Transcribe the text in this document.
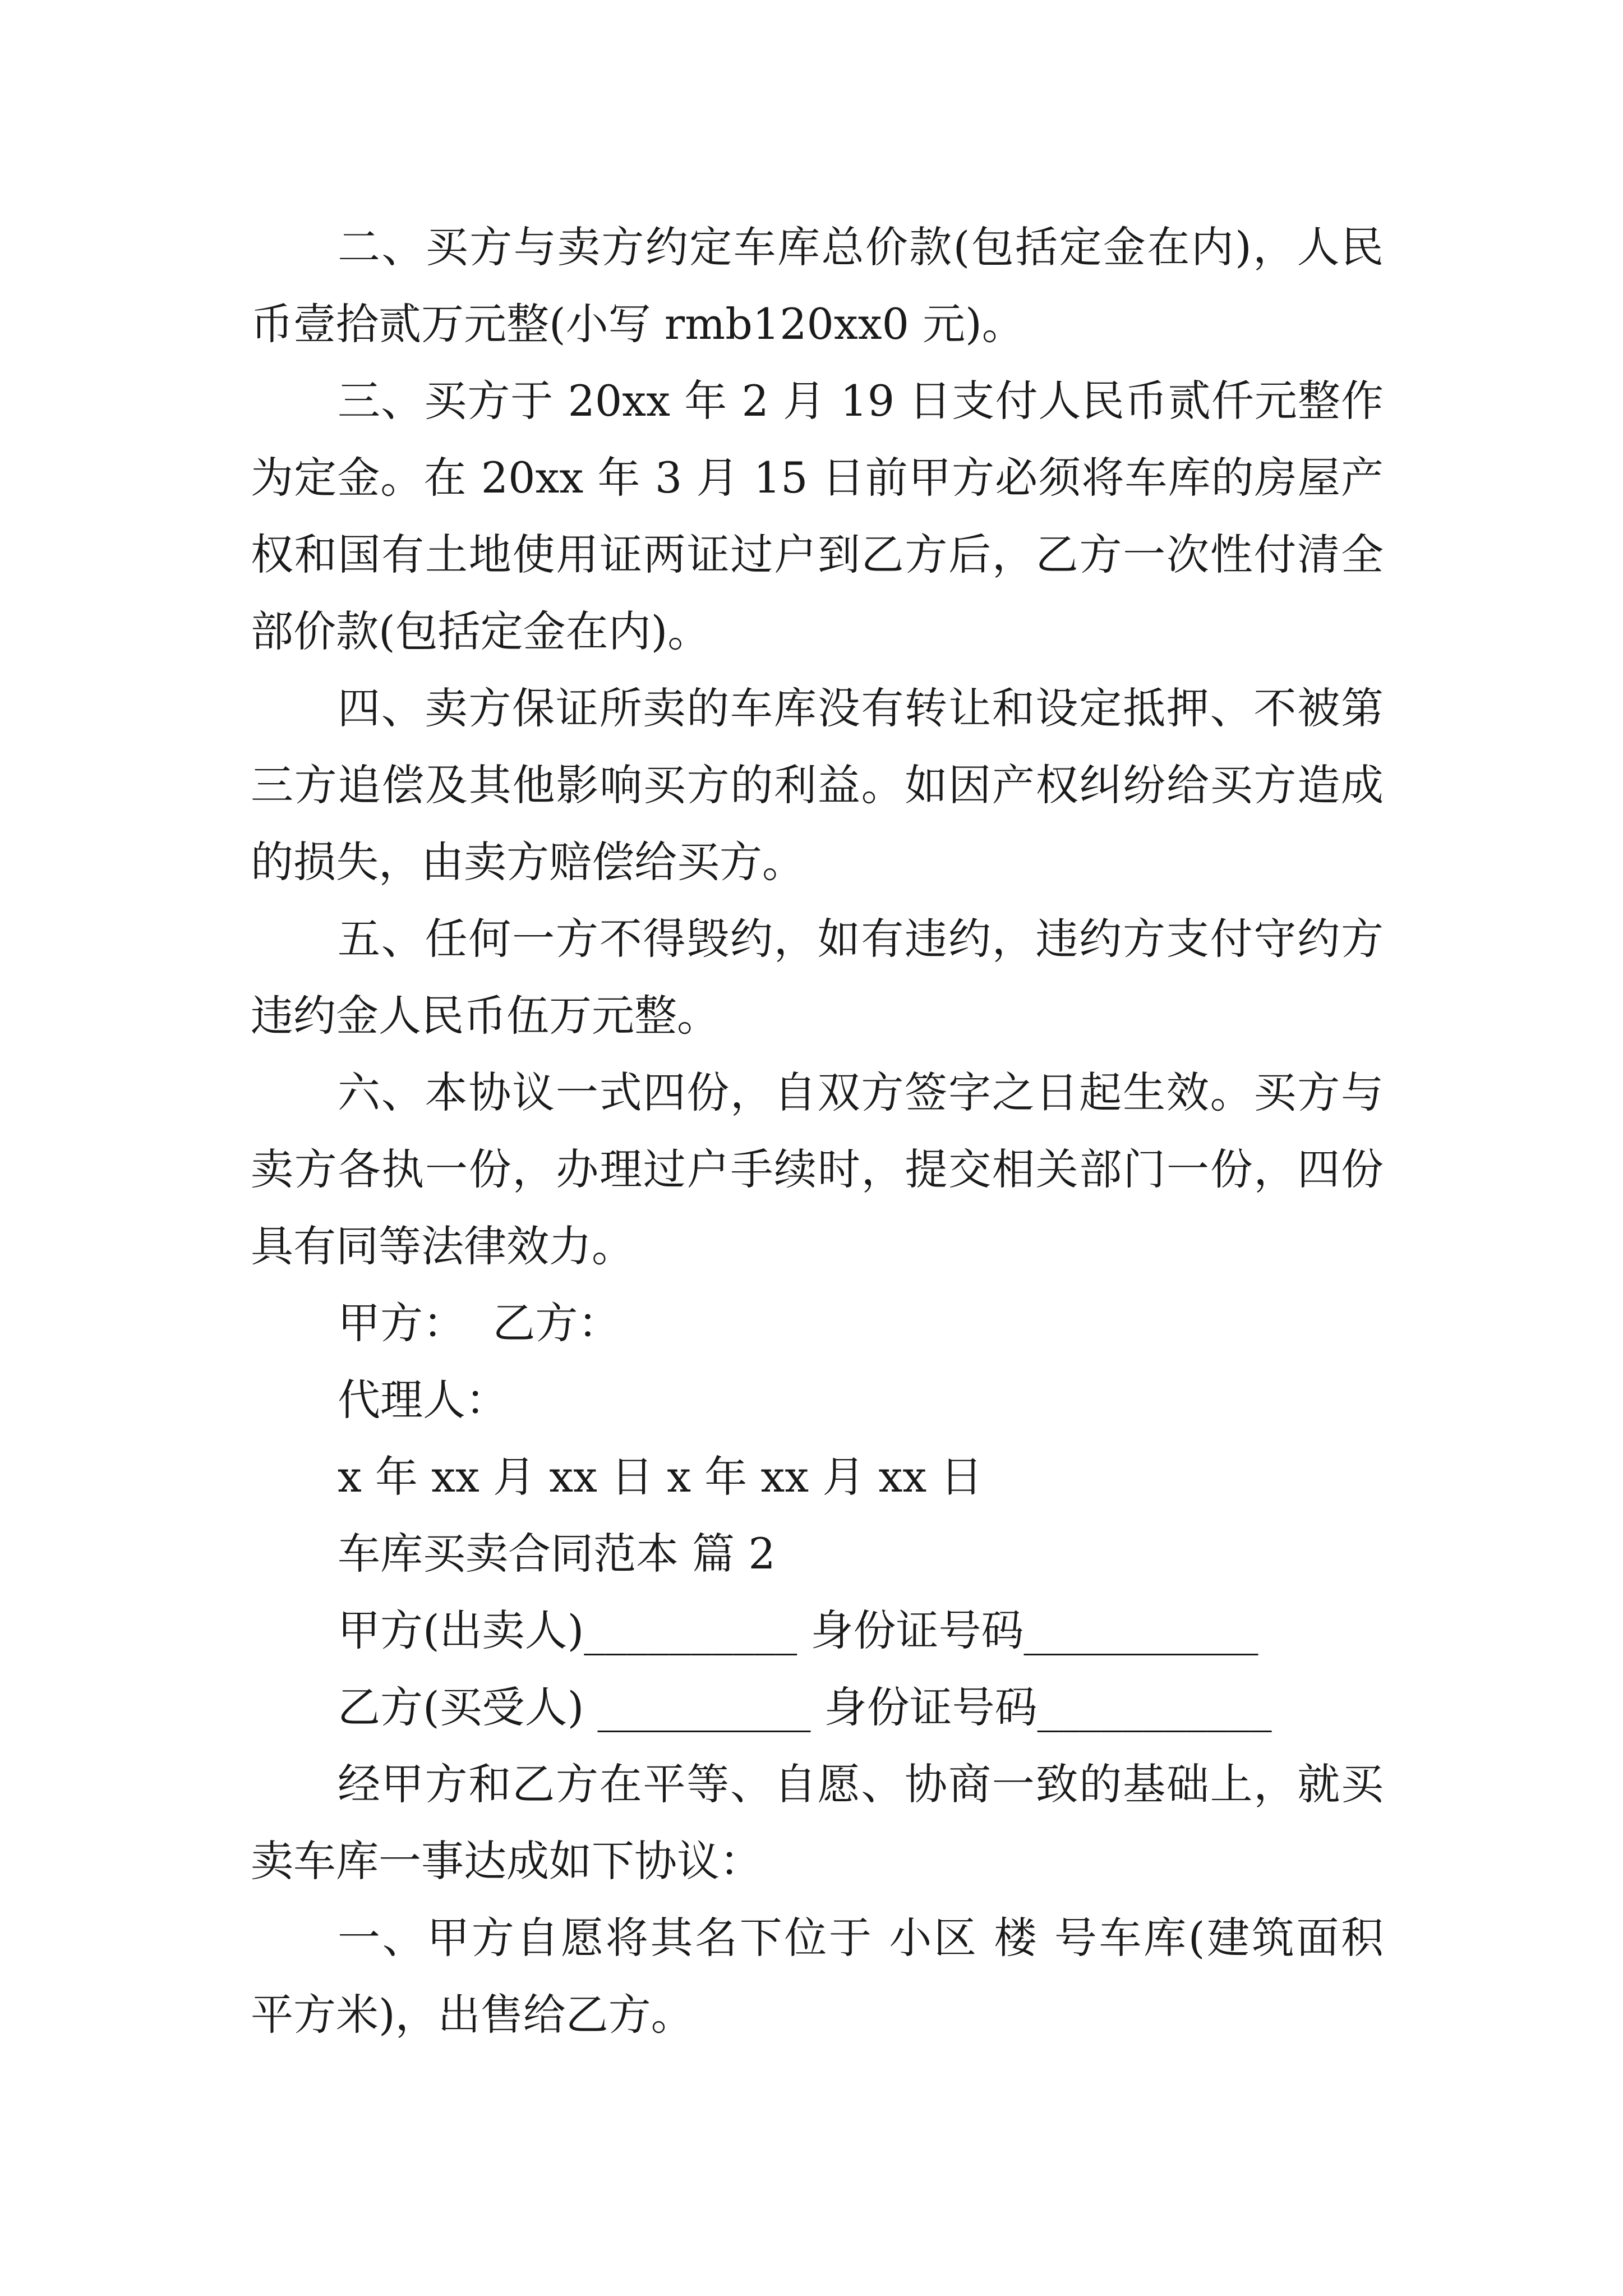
二、买方与卖方约定车库总价款(包括定金在内)，人民币壹拾贰万元整(小写 rmb120xx0 元)。

三、买方于 20xx 年 2 月 19 日支付人民币贰仟元整作为定金。在 20xx 年 3 月 15 日前甲方必须将车库的房屋产权和国有土地使用证两证过户到乙方后，乙方一次性付清全部价款(包括定金在内)。

四、卖方保证所卖的车库没有转让和设定抵押、不被第三方追偿及其他影响买方的利益。如因产权纠纷给买方造成的损失，由卖方赔偿给买方。

五、任何一方不得毁约，如有违约，违约方支付守约方违约金人民币伍万元整。

六、本协议一式四份，自双方签字之日起生效。买方与卖方各执一份，办理过户手续时，提交相关部门一份，四份具有同等法律效力。

甲方：  乙方：

代理人：

x 年 xx 月 xx 日 x 年 xx 月 xx 日

车库买卖合同范本 篇 2

甲方(出卖人)__________ 身份证号码___________

乙方(买受人) __________ 身份证号码___________

经甲方和乙方在平等、自愿、协商一致的基础上，就买卖车库一事达成如下协议：

一、甲方自愿将其名下位于 小区 楼 号车库(建筑面积 平方米)，出售给乙方。
